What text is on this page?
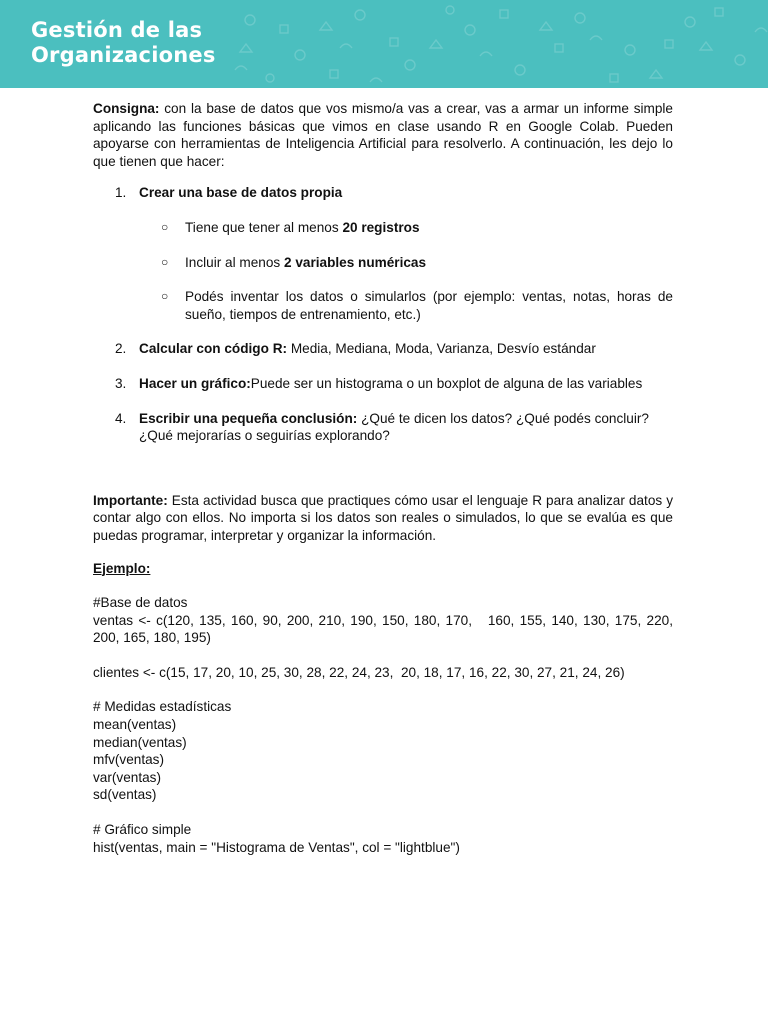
Gestión de las
Organizaciones

Consigna: con la base de datos que vos mismo/a vas a crear, vas a armar un informe simple aplicando las funciones básicas que vimos en clase usando R en Google Colab. Pueden apoyarse con herramientas de Inteligencia Artificial para resolverlo. A continuación, les dejo lo que tienen que hacer:

1. Crear una base de datos propia
○ Tiene que tener al menos 20 registros
○ Incluir al menos 2 variables numéricas
○ Podés inventar los datos o simularlos (por ejemplo: ventas, notas, horas de sueño, tiempos de entrenamiento, etc.)
2. Calcular con código R: Media, Mediana, Moda, Varianza, Desvío estándar
3. Hacer un gráfico:Puede ser un histograma o un boxplot de alguna de las variables
4. Escribir una pequeña conclusión: ¿Qué te dicen los datos? ¿Qué podés concluir? ¿Qué mejorarías o seguirías explorando?

Importante: Esta actividad busca que practiques cómo usar el lenguaje R para analizar datos y contar algo con ellos. No importa si los datos son reales o simulados, lo que se evalúa es que puedas programar, interpretar y organizar la información.

Ejemplo:
#Base de datos
ventas <- c(120, 135, 160, 90, 200, 210, 190, 150, 180, 170,   160, 155, 140, 130, 175, 220, 200, 165, 180, 195)
clientes <- c(15, 17, 20, 10, 25, 30, 28, 22, 24, 23,  20, 18, 17, 16, 22, 30, 27, 21, 24, 26)
# Medidas estadísticas
mean(ventas)
median(ventas)
mfv(ventas)
var(ventas)
sd(ventas)
# Gráfico simple
hist(ventas, main = "Histograma de Ventas", col = "lightblue")
